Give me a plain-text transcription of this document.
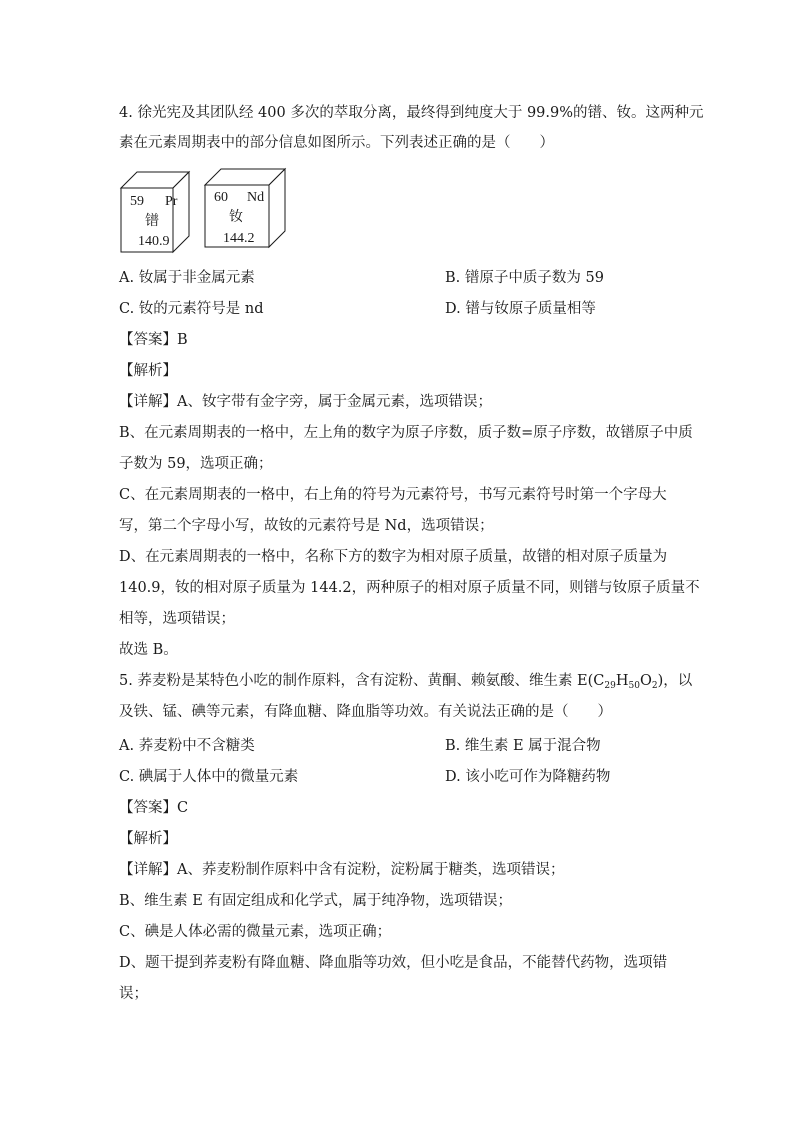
4. 徐光宪及其团队经 400 多次的萃取分离，最终得到纯度大于 99.9%的镨、钕。这两种元
素在元素周期表中的部分信息如图所示。下列表述正确的是（　　）
59 Pr
镨
140.9
60 Nd
钕
144.2
A. 钕属于非金属元素	B. 镨原子中质子数为 59
C. 钕的元素符号是 nd	D. 镨与钕原子质量相等
【答案】B
【解析】
【详解】A、钕字带有金字旁，属于金属元素，选项错误；
B、在元素周期表的一格中，左上角的数字为原子序数，质子数=原子序数，故镨原子中质
子数为 59，选项正确；
C、在元素周期表的一格中，右上角的符号为元素符号，书写元素符号时第一个字母大
写，第二个字母小写，故钕的元素符号是 Nd，选项错误；
D、在元素周期表的一格中，名称下方的数字为相对原子质量，故镨的相对原子质量为
140.9，钕的相对原子质量为 144.2，两种原子的相对原子质量不同，则镨与钕原子质量不
相等，选项错误；
故选 B。
5. 荞麦粉是某特色小吃的制作原料，含有淀粉、黄酮、赖氨酸、维生素 $E(C_{29}H_{50}O_2)$，以
及铁、锰、碘等元素，有降血糖、降血脂等功效。有关说法正确的是（　　）
A. 荞麦粉中不含糖类	B. 维生素 E 属于混合物
C. 碘属于人体中的微量元素	D. 该小吃可作为降糖药物
【答案】C
【解析】
【详解】A、荞麦粉制作原料中含有淀粉，淀粉属于糖类，选项错误；
B、维生素 E 有固定组成和化学式，属于纯净物，选项错误；
C、碘是人体必需的微量元素，选项正确；
D、题干提到荞麦粉有降血糖、降血脂等功效，但小吃是食品，不能替代药物，选项错
误；
